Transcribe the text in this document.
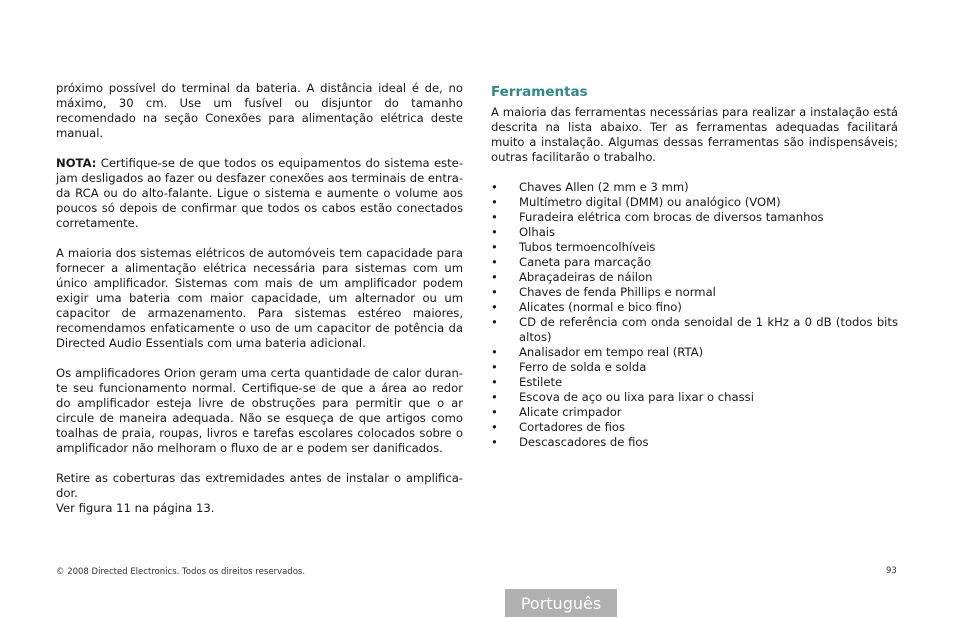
próximo possível do terminal da bateria. A distância ideal é de, no máximo, 30 cm. Use um fusível ou disjuntor do tamanho recomendado na seção Conexões para alimentação elétrica deste manual.

NOTA: Certifique-se de que todos os equipamentos do sistema este-jam desligados ao fazer ou desfazer conexões aos terminais de entra-da RCA ou do alto-falante. Ligue o sistema e aumente o volume aos poucos só depois de confirmar que todos os cabos estão conectados corretamente.

A maioria dos sistemas elétricos de automóveis tem capacidade para fornecer a alimentação elétrica necessária para sistemas com um único amplificador. Sistemas com mais de um amplificador podem exigir uma bateria com maior capacidade, um alternador ou um capacitor de armazenamento. Para sistemas estéreo maiores, recomendamos enfaticamente o uso de um capacitor de potência da Directed Audio Essentials com uma bateria adicional.

Os amplificadores Orion geram uma certa quantidade de calor duran-te seu funcionamento normal. Certifique-se de que a área ao redor do amplificador esteja livre de obstruções para permitir que o ar circule de maneira adequada. Não se esqueça de que artigos como toalhas de praia, roupas, livros e tarefas escolares colocados sobre o amplificador não melhoram o fluxo de ar e podem ser danificados.

Retire as coberturas das extremidades antes de instalar o amplifica-dor.

Ver figura 11 na página 13.

Ferramentas

A maioria das ferramentas necessárias para realizar a instalação está descrita na lista abaixo. Ter as ferramentas adequadas facilitará muito a instalação. Algumas dessas ferramentas são indispensáveis; outras facilitarão o trabalho.

• Chaves Allen (2 mm e 3 mm)
• Multímetro digital (DMM) ou analógico (VOM)
• Furadeira elétrica com brocas de diversos tamanhos
• Olhais
• Tubos termoencolhíveis
• Caneta para marcação
• Abraçadeiras de náilon
• Chaves de fenda Phillips e normal
• Alicates (normal e bico fino)
• CD de referência com onda senoidal de 1 kHz a 0 dB (todos bits altos)
• Analisador em tempo real (RTA)
• Ferro de solda e solda
• Estilete
• Escova de aço ou lixa para lixar o chassi
• Alicate crimpador
• Cortadores de fios
• Descascadores de fios
© 2008 Directed Electronics. Todos os direitos reservados.	93
Português
